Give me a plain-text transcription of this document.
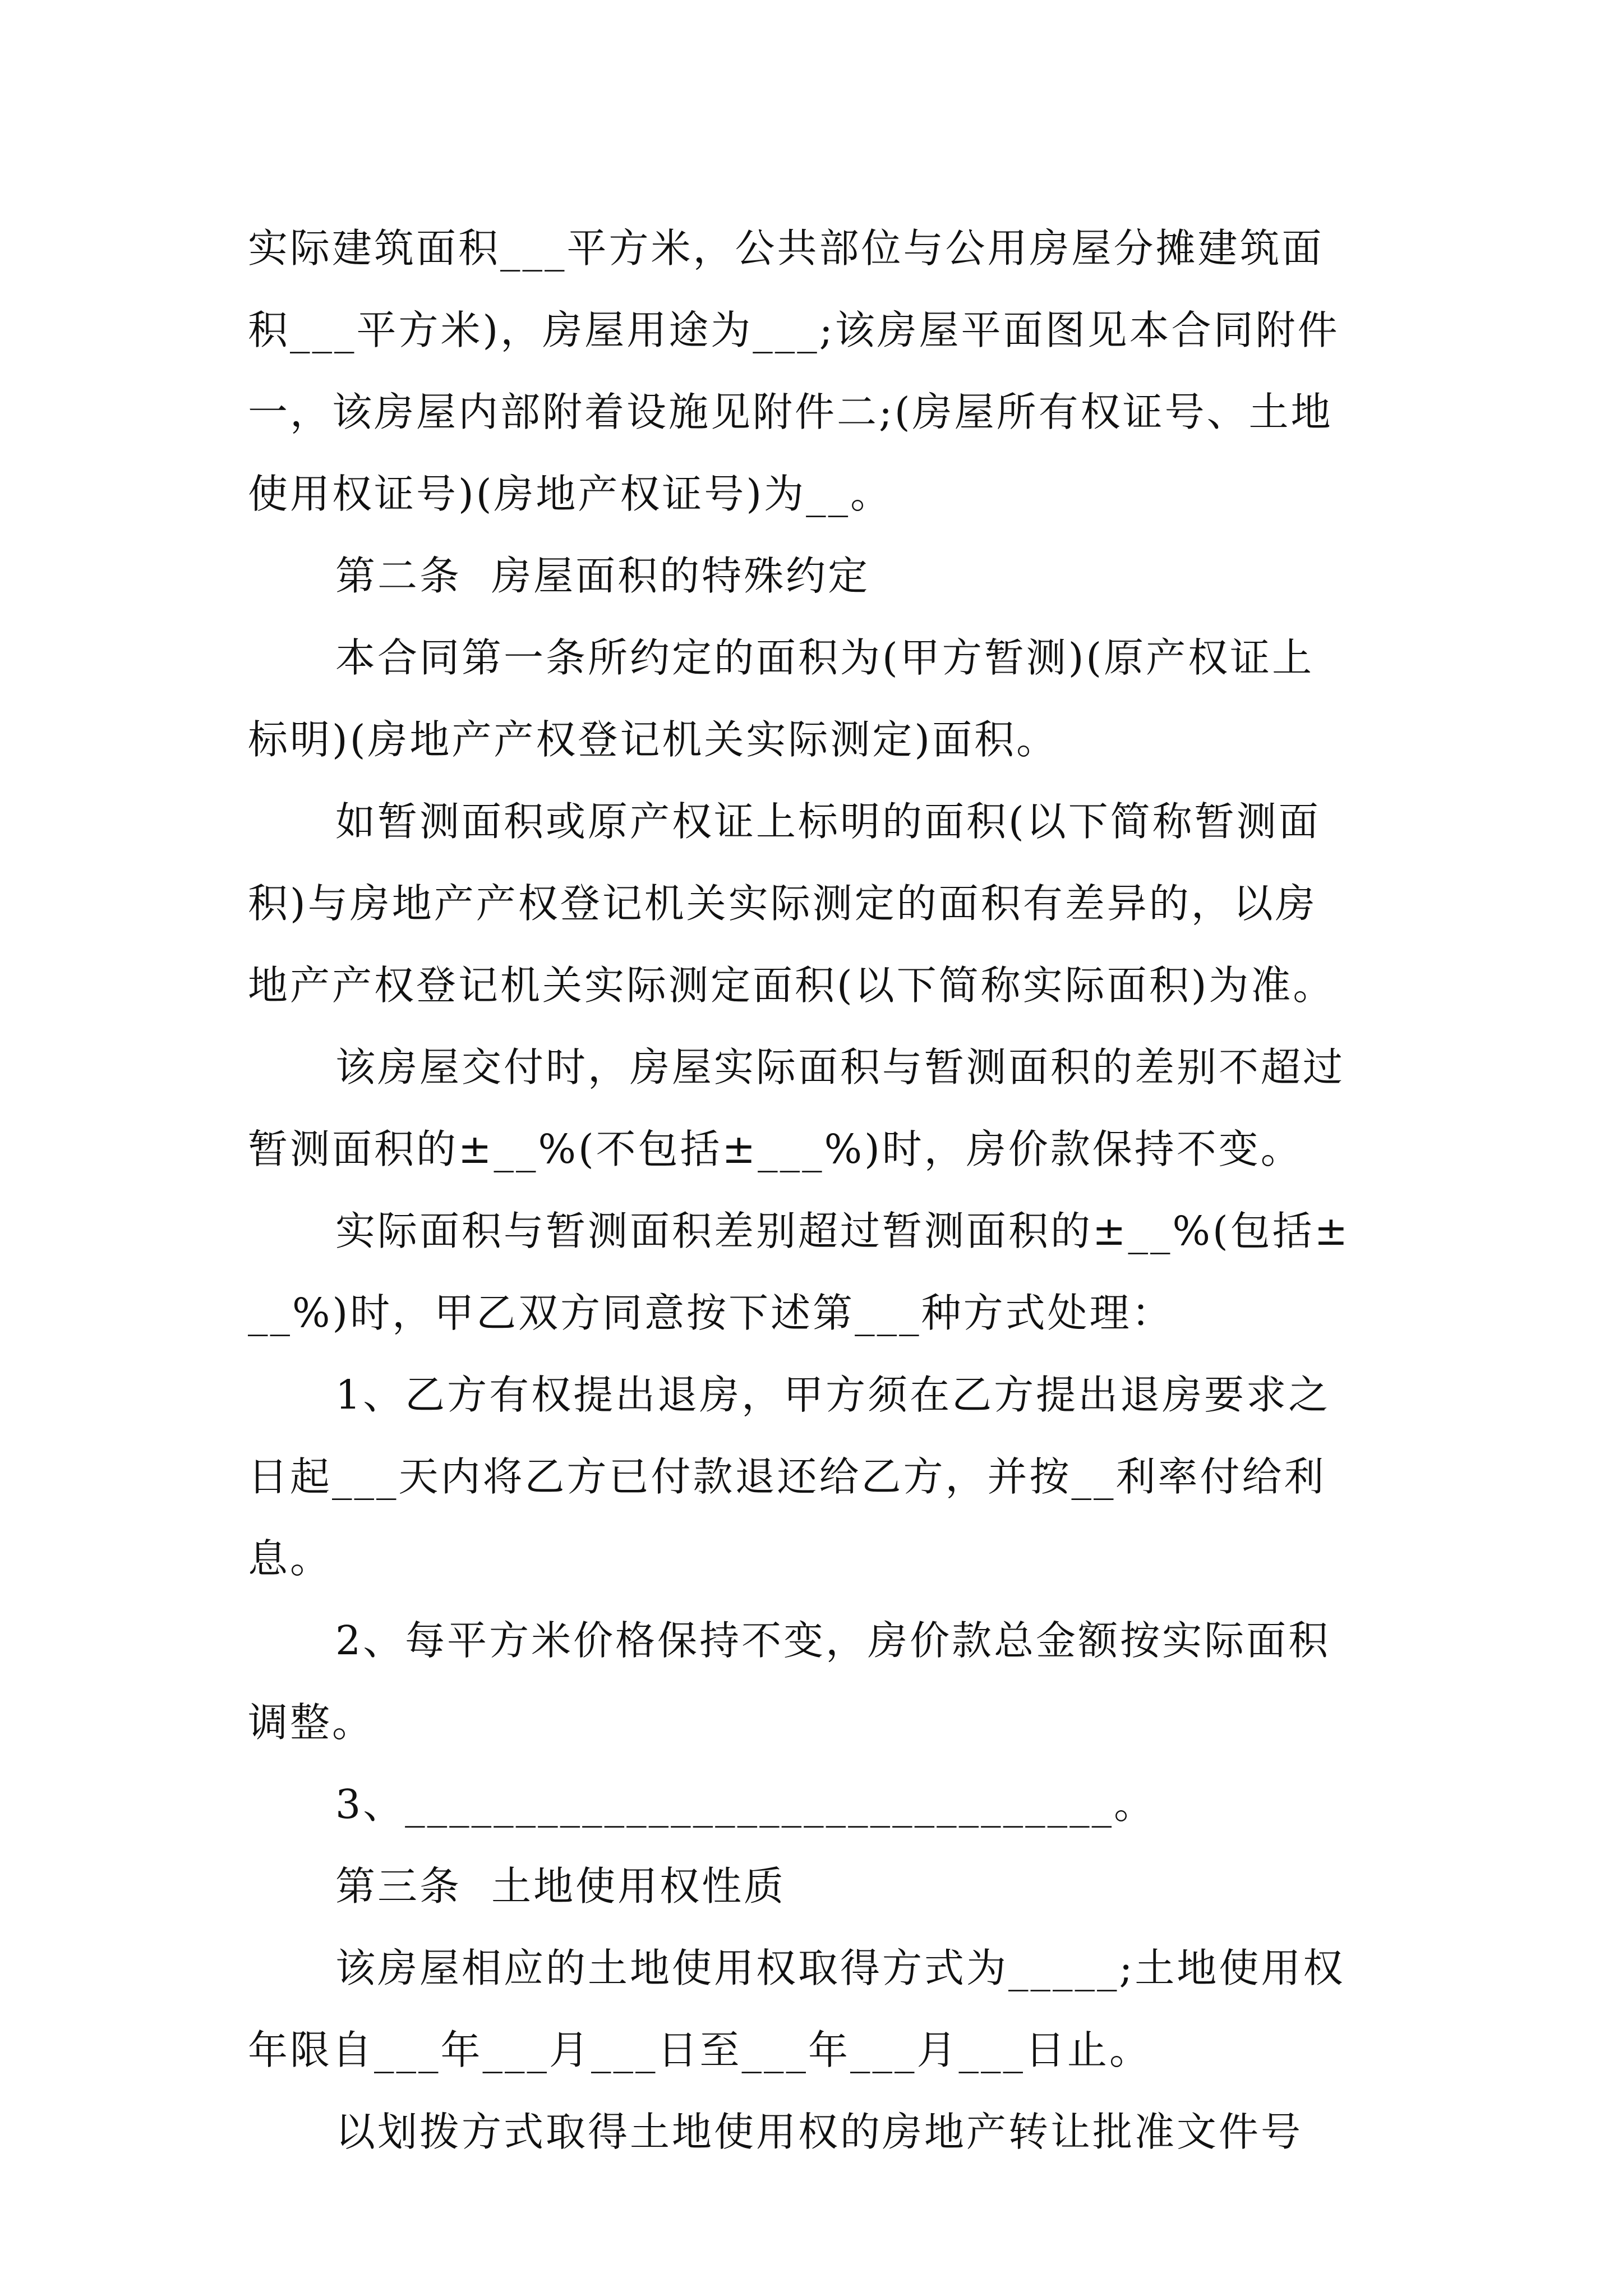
实际建筑面积___平方米，公共部位与公用房屋分摊建筑面
积___平方米)，房屋用途为___;该房屋平面图见本合同附件
一，该房屋内部附着设施见附件二;(房屋所有权证号、土地
使用权证号)(房地产权证号)为__。
第二条  房屋面积的特殊约定
本合同第一条所约定的面积为(甲方暂测)(原产权证上
标明)(房地产产权登记机关实际测定)面积。
如暂测面积或原产权证上标明的面积(以下简称暂测面
积)与房地产产权登记机关实际测定的面积有差异的，以房
地产产权登记机关实际测定面积(以下简称实际面积)为准。
该房屋交付时，房屋实际面积与暂测面积的差别不超过
暂测面积的±__%(不包括±___%)时，房价款保持不变。
实际面积与暂测面积差别超过暂测面积的±__%(包括±
__%)时，甲乙双方同意按下述第___种方式处理：
1、乙方有权提出退房，甲方须在乙方提出退房要求之
日起___天内将乙方已付款退还给乙方，并按__利率付给利
息。
2、每平方米价格保持不变，房价款总金额按实际面积
调整。
3、________________________________。
第三条  土地使用权性质
该房屋相应的土地使用权取得方式为_____;土地使用权
年限自___年___月___日至___年___月___日止。
以划拨方式取得土地使用权的房地产转让批准文件号
